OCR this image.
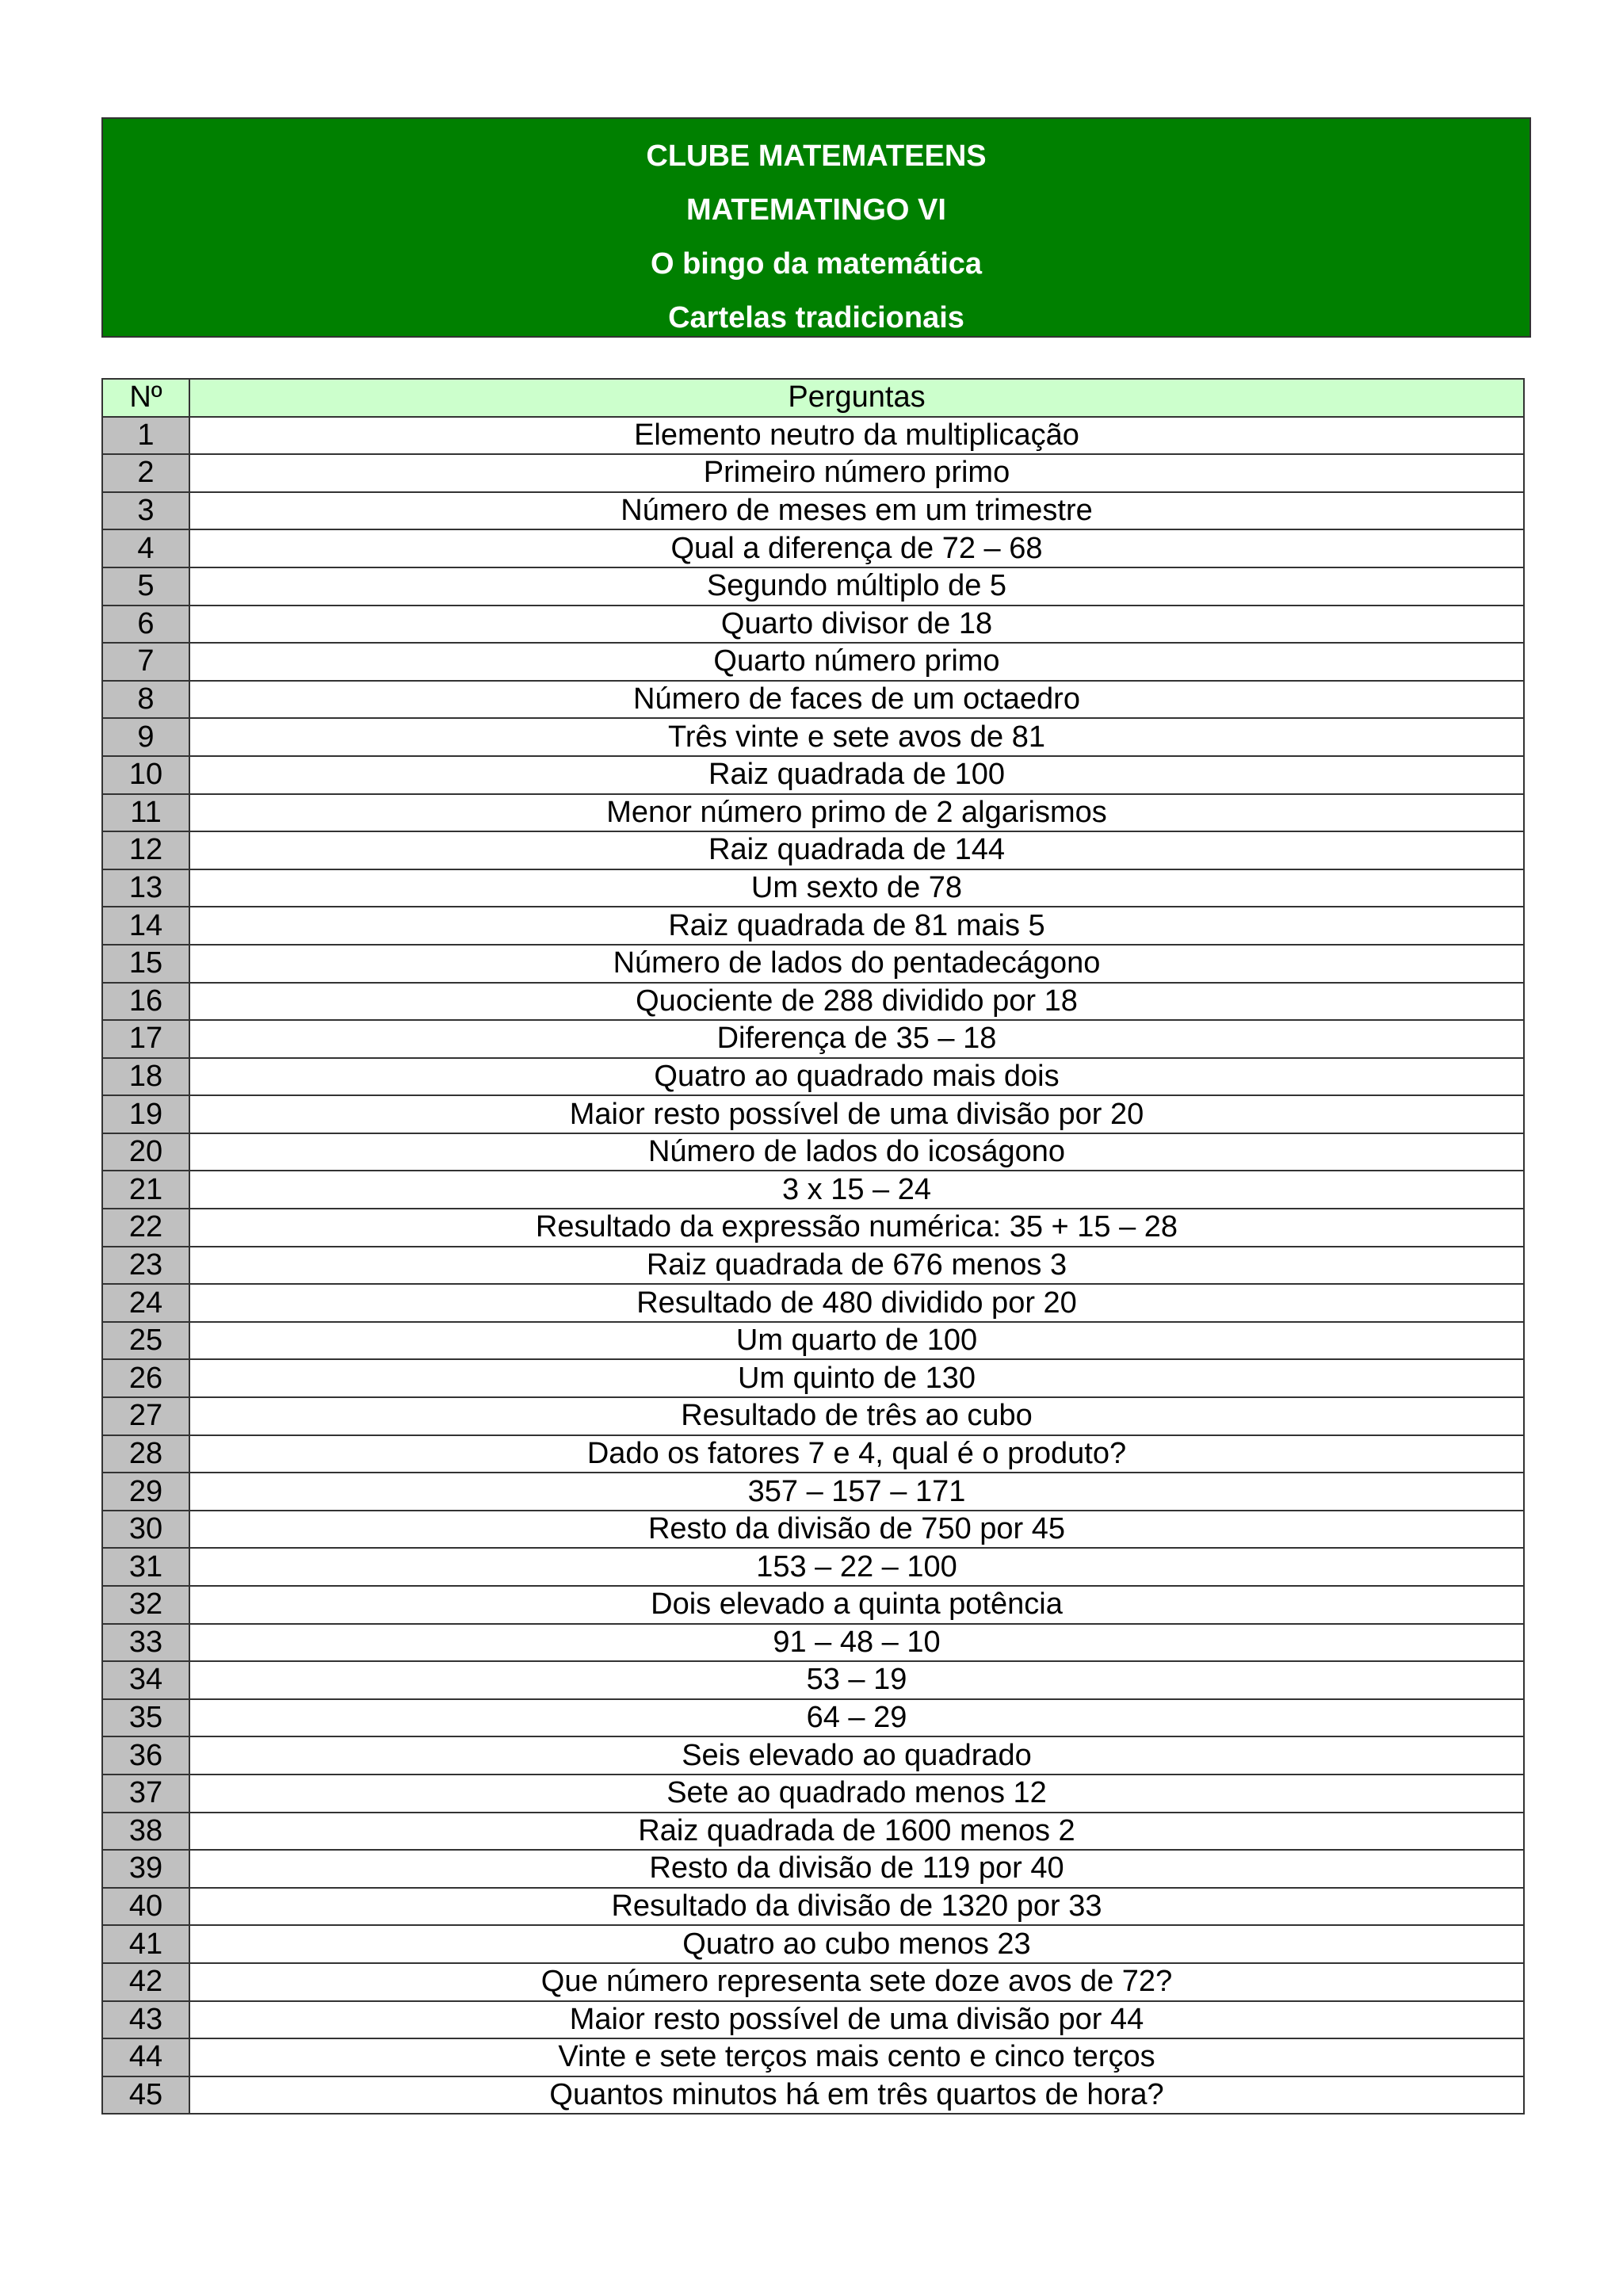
CLUBE MATEMATEENS
MATEMATINGO VI
O bingo da matemática
Cartelas tradicionais
Nº	Perguntas
1	Elemento neutro da multiplicação
2	Primeiro número primo
3	Número de meses em um trimestre
4	Qual a diferença de 72 – 68
5	Segundo múltiplo de 5
6	Quarto divisor de 18
7	Quarto número primo
8	Número de faces de um octaedro
9	Três vinte e sete avos de 81
10	Raiz quadrada de 100
11	Menor número primo de 2 algarismos
12	Raiz quadrada de 144
13	Um sexto de 78
14	Raiz quadrada de 81 mais 5
15	Número de lados do pentadecágono
16	Quociente de 288 dividido por 18
17	Diferença de 35 – 18
18	Quatro ao quadrado mais dois
19	Maior resto possível de uma divisão por 20
20	Número de lados do icoságono
21	3 x 15 – 24
22	Resultado da expressão numérica: 35 + 15 – 28
23	Raiz quadrada de 676 menos 3
24	Resultado de 480 dividido por 20
25	Um quarto de 100
26	Um quinto de 130
27	Resultado de três ao cubo
28	Dado os fatores 7 e 4, qual é o produto?
29	357 – 157 – 171
30	Resto da divisão de 750 por 45
31	153 – 22 – 100
32	Dois elevado a quinta potência
33	91 – 48 – 10
34	53 – 19
35	64 – 29
36	Seis elevado ao quadrado
37	Sete ao quadrado menos 12
38	Raiz quadrada de 1600 menos 2
39	Resto da divisão de 119 por 40
40	Resultado da divisão de 1320 por 33
41	Quatro ao cubo menos 23
42	Que número representa sete doze avos de 72?
43	Maior resto possível de uma divisão por 44
44	Vinte e sete terços mais cento e cinco terços
45	Quantos minutos há em três quartos de hora?
